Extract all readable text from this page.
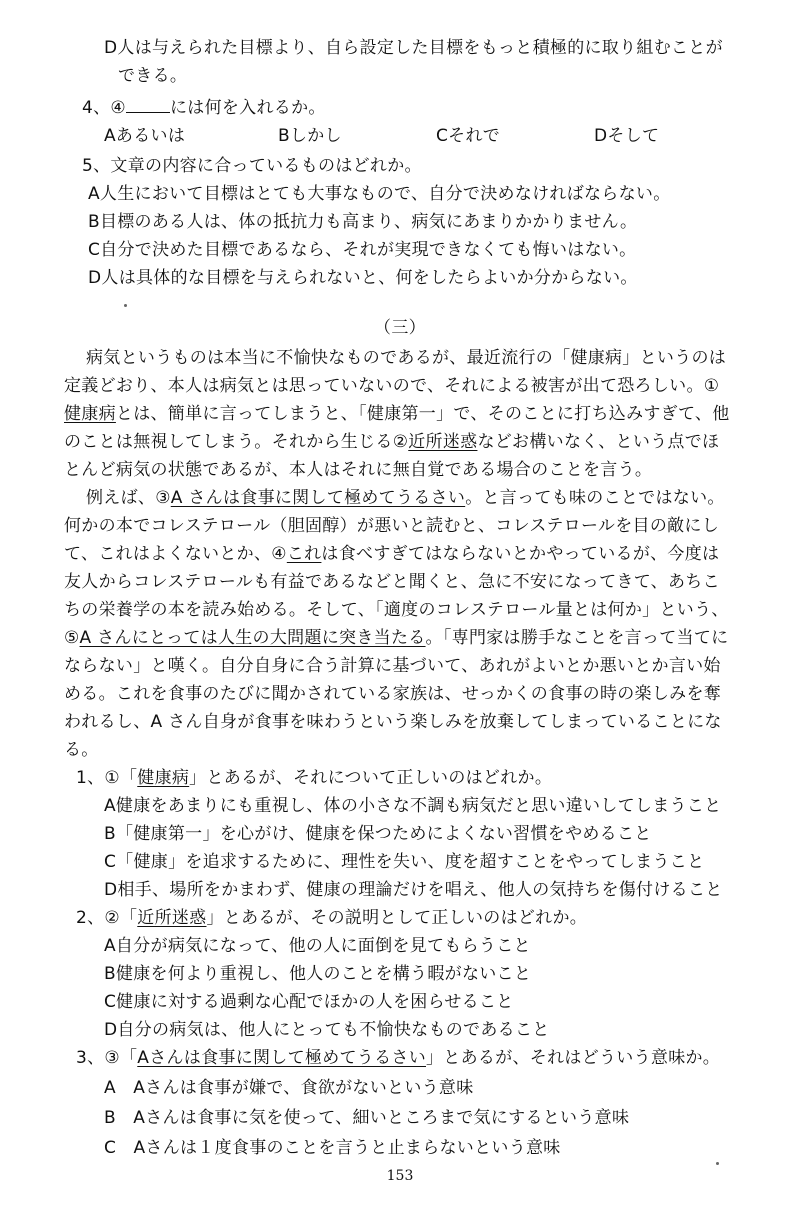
D人は与えられた目標より、自ら設定した目標をもっと積極的に取り組むことが
できる。
4、④	には何を入れるか。
Aあるいは	Bしかし	Cそれで	Dそして
5、文章の内容に合っているものはどれか。
A人生において目標はとても大事なもので、自分で決めなければならない。
B目標のある人は、体の抵抗力も高まり、病気にあまりかかりません。
C自分で決めた目標であるなら、それが実現できなくても悔いはない。
D人は具体的な目標を与えられないと、何をしたらよいか分からない。
（三）
病気というものは本当に不愉快なものであるが、最近流行の「健康病」というのは
定義どおり、本人は病気とは思っていないので、それによる被害が出て恐ろしい。①
健康病とは、簡単に言ってしまうと、「健康第一」で、そのことに打ち込みすぎて、他
のことは無視してしまう。それから生じる②近所迷惑などお構いなく、という点でほ
とんど病気の状態であるが、本人はそれに無自覚である場合のことを言う。
例えば、③A さんは食事に関して極めてうるさい。と言っても味のことではない。
何かの本でコレステロール（胆固醇）が悪いと読むと、コレステロールを目の敵にし
て、これはよくないとか、④これは食べすぎてはならないとかやっているが、今度は
友人からコレステロールも有益であるなどと聞くと、急に不安になってきて、あちこ
ちの栄養学の本を読み始める。そして、「適度のコレステロール量とは何か」という、
⑤A さんにとっては人生の大問題に突き当たる。「専門家は勝手なことを言って当てに
ならない」と嘆く。自分自身に合う計算に基づいて、あれがよいとか悪いとか言い始
める。これを食事のたびに聞かされている家族は、せっかくの食事の時の楽しみを奪
われるし、A さん自身が食事を味わうという楽しみを放棄してしまっていることにな
る。
1、①「健康病」とあるが、それについて正しいのはどれか。
A健康をあまりにも重視し、体の小さな不調も病気だと思い違いしてしまうこと
B「健康第一」を心がけ、健康を保つためによくない習慣をやめること
C「健康」を追求するために、理性を失い、度を超すことをやってしまうこと
D相手、場所をかまわず、健康の理論だけを唱え、他人の気持ちを傷付けること
2、②「近所迷惑」とあるが、その説明として正しいのはどれか。
A自分が病気になって、他の人に面倒を見てもらうこと
B健康を何より重視し、他人のことを構う暇がないこと
C健康に対する過剰な心配でほかの人を困らせること
D自分の病気は、他人にとっても不愉快なものであること
3、③「Aさんは食事に関して極めてうるさい」とあるが、それはどういう意味か。
A　Aさんは食事が嫌で、食欲がないという意味
B　Aさんは食事に気を使って、細いところまで気にするという意味
C　Aさんは１度食事のことを言うと止まらないという意味
153
